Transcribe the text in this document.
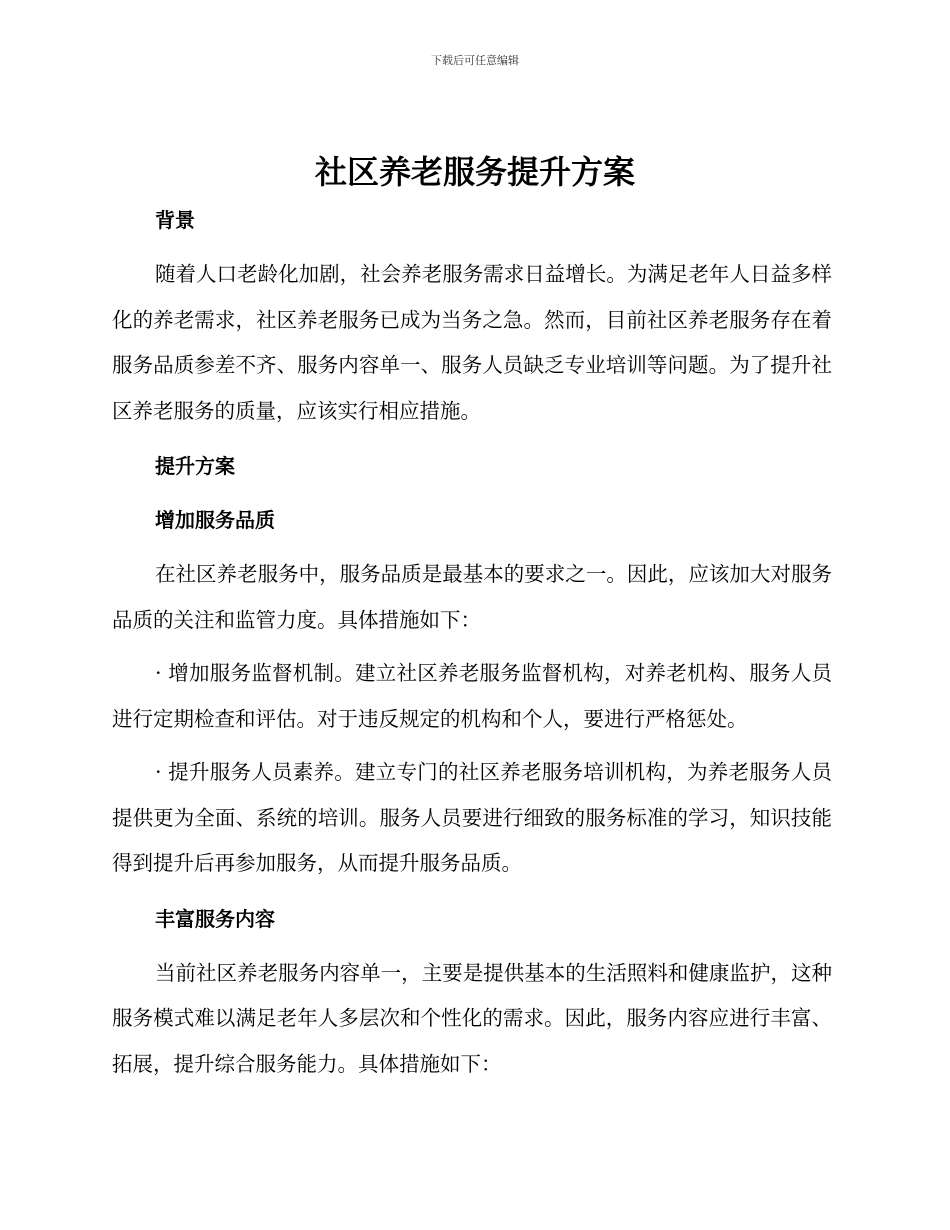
下载后可任意编辑
社区养老服务提升方案
背景

随着人口老龄化加剧，社会养老服务需求日益增长。为满足老年人日益多样化的养老需求，社区养老服务已成为当务之急。然而，目前社区养老服务存在着服务品质参差不齐、服务内容单一、服务人员缺乏专业培训等问题。为了提升社区养老服务的质量，应该实行相应措施。

提升方案
增加服务品质

在社区养老服务中，服务品质是最基本的要求之一。因此，应该加大对服务品质的关注和监管力度。具体措施如下：

· 增加服务监督机制。建立社区养老服务监督机构，对养老机构、服务人员进行定期检查和评估。对于违反规定的机构和个人，要进行严格惩处。

· 提升服务人员素养。建立专门的社区养老服务培训机构，为养老服务人员提供更为全面、系统的培训。服务人员要进行细致的服务标准的学习，知识技能得到提升后再参加服务，从而提升服务品质。

丰富服务内容

当前社区养老服务内容单一，主要是提供基本的生活照料和健康监护，这种服务模式难以满足老年人多层次和个性化的需求。因此，服务内容应进行丰富、拓展，提升综合服务能力。具体措施如下：
